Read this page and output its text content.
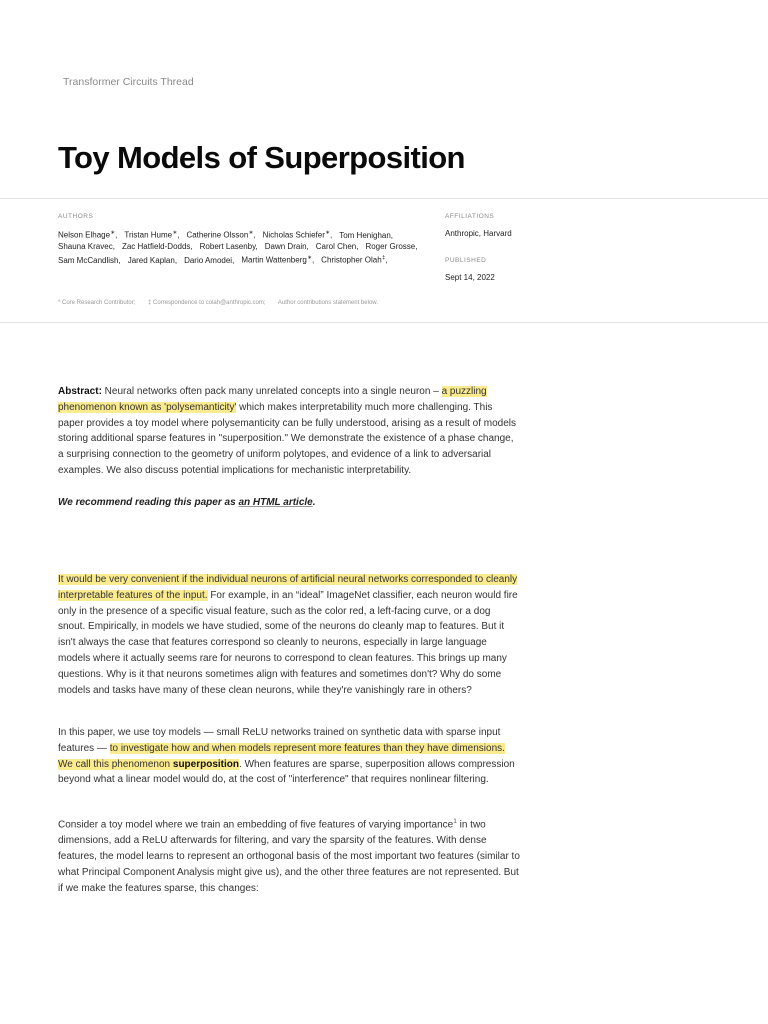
Transformer Circuits Thread
Toy Models of Superposition
AUTHORS
Nelson Elhage∗, Tristan Hume∗, Catherine Olsson∗, Nicholas Schiefer∗, Tom Henighan,Shauna Kravec, Zac Hatfield-Dodds, Robert Lasenby, Dawn Drain, Carol Chen, Roger Grosse,Sam McCandlish, Jared Kaplan, Dario Amodei, Martin Wattenberg∗, Christopher Olah‡,
AFFILIATIONS
Anthropic, Harvard
PUBLISHED
Sept 14, 2022
* Core Research Contributor; ‡ Correspondence to colah@anthropic.com; Author contributions statement below.

Abstract: Neural networks often pack many unrelated concepts into a single neuron – a puzzling phenomenon known as 'polysemanticity' which makes interpretability much more challenging. This paper provides a toy model where polysemanticity can be fully understood, arising as a result of models storing additional sparse features in "superposition." We demonstrate the existence of a phase change, a surprising connection to the geometry of uniform polytopes, and evidence of a link to adversarial examples. We also discuss potential implications for mechanistic interpretability.

We recommend reading this paper as an HTML article.

It would be very convenient if the individual neurons of artificial neural networks corresponded to cleanly interpretable features of the input. For example, in an “ideal” ImageNet classifier, each neuron would fire only in the presence of a specific visual feature, such as the color red, a left-facing curve, or a dog snout. Empirically, in models we have studied, some of the neurons do cleanly map to features. But it isn't always the case that features correspond so cleanly to neurons, especially in large language models where it actually seems rare for neurons to correspond to clean features. This brings up many questions. Why is it that neurons sometimes align with features and sometimes don't? Why do some models and tasks have many of these clean neurons, while they're vanishingly rare in others?

In this paper, we use toy models — small ReLU networks trained on synthetic data with sparse input features — to investigate how and when models represent more features than they have dimensions. We call this phenomenon superposition. When features are sparse, superposition allows compression beyond what a linear model would do, at the cost of "interference" that requires nonlinear filtering.

Consider a toy model where we train an embedding of five features of varying importance$^1$ in two dimensions, add a ReLU afterwards for filtering, and vary the sparsity of the features. With dense features, the model learns to represent an orthogonal basis of the most important two features (similar to what Principal Component Analysis might give us), and the other three features are not represented. But if we make the features sparse, this changes:
